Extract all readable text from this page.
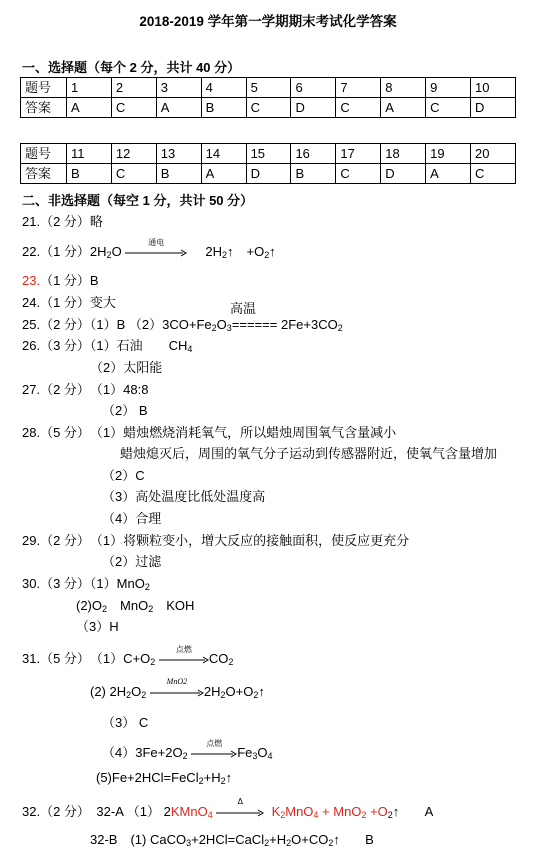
2018-2019 学年第一学期期末考试化学答案
一、选择题（每个 2 分，共计 40 分）
题号	1	2	3	4	5	6	7	8	9	10
答案	A	C	A	B	C	D	C	A	C	D
题号	11	12	13	14	15	16	17	18	19	20
答案	B	C	B	A	D	B	C	D	A	C
二、非选择题（每空 1 分，共计 50 分）
21.（2 分）略
22.（1 分）$2H_2O$
通电
$2H_2↑$　$+O_2↑$
23.（1 分）B
24.（1 分）变大	高温
25.（2 分）（1）B $(2)3CO+Fe_2O_3====== 2Fe+3CO_2$
26.（3 分）（1）石油　　$CH_4$
（2）太阳能
27.（2 分）　（1）48:8
（2） B
28.（5 分）　（1）蜡烛燃烧消耗氧气，所以蜡烛周围氧气含量减小
蜡烛熄灭后，周围的氧气分子运动到传感器附近，使氧气含量增加
（2）C
（3）高处温度比低处温度高
（4）合理
29.（2 分）　（1）将颗粒变小，增大反应的接触面积，使反应更充分
（2）过滤
30.（3 分）（1）MnO$_2$
$(2)O_2$　MnO$_2$　KOH
（3）H
31.（5 分）　$(1)C+O_2$
点燃
$CO_2$
(2) $2H_2O_2$
MnO2
$2H_2O+O_2↑$
（3） C
$(4)3Fe+2O_2$
点燃
$Fe_3O_4$
$(5)Fe+2HCl=FeCl_2+H_2↑$
32.（2 分）　32-A （1） 2KMnO$_4$
Δ
$K_2MnO_4 + MnO_2$ $+O_2↑$ A
32-B　(1) $CaCO_3+2HCl=CaCl_2+H_2O+CO_2↑$ B
